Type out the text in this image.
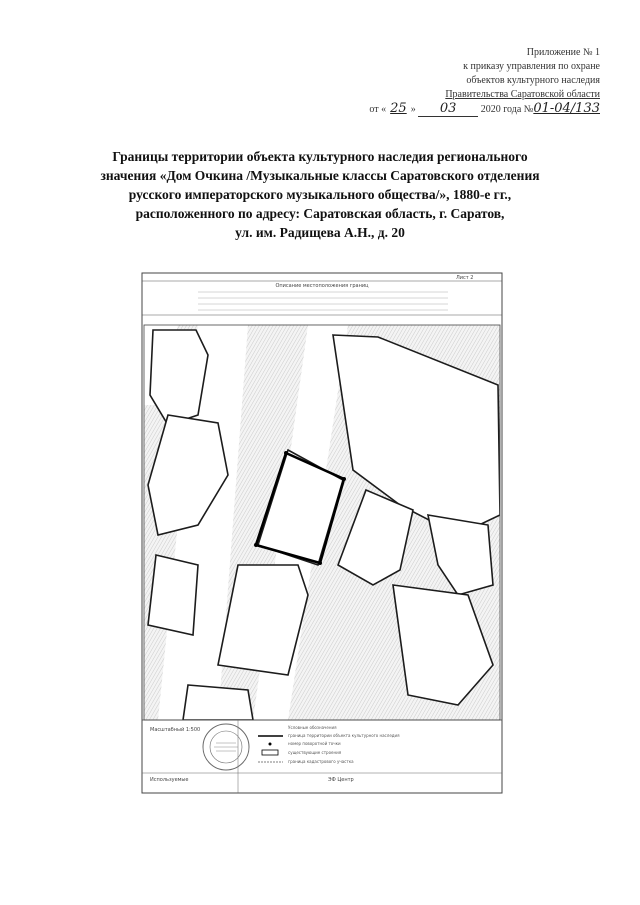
Приложение № 1
к приказу управления по охране
объектов культурного наследия
Правительства Саратовской области
от « 25 » 03 2020 года №01-04/133
Границы территории объекта культурного наследия регионального
значения «Дом Очкина /Музыкальные классы Саратовского отделения
русского императорского музыкального общества/», 1880-е гг.,
расположенного по адресу: Саратовская область, г. Саратов,
ул. им. Радищева А.Н., д. 20
Лист 2
Описание местоположения границ
Масштабный 1:500
Используемые	ЭФ Центр
Условные обозначения
граница территории объекта культурного наследия
номер поворотной точки
существующие строения
граница кадастрового участка
